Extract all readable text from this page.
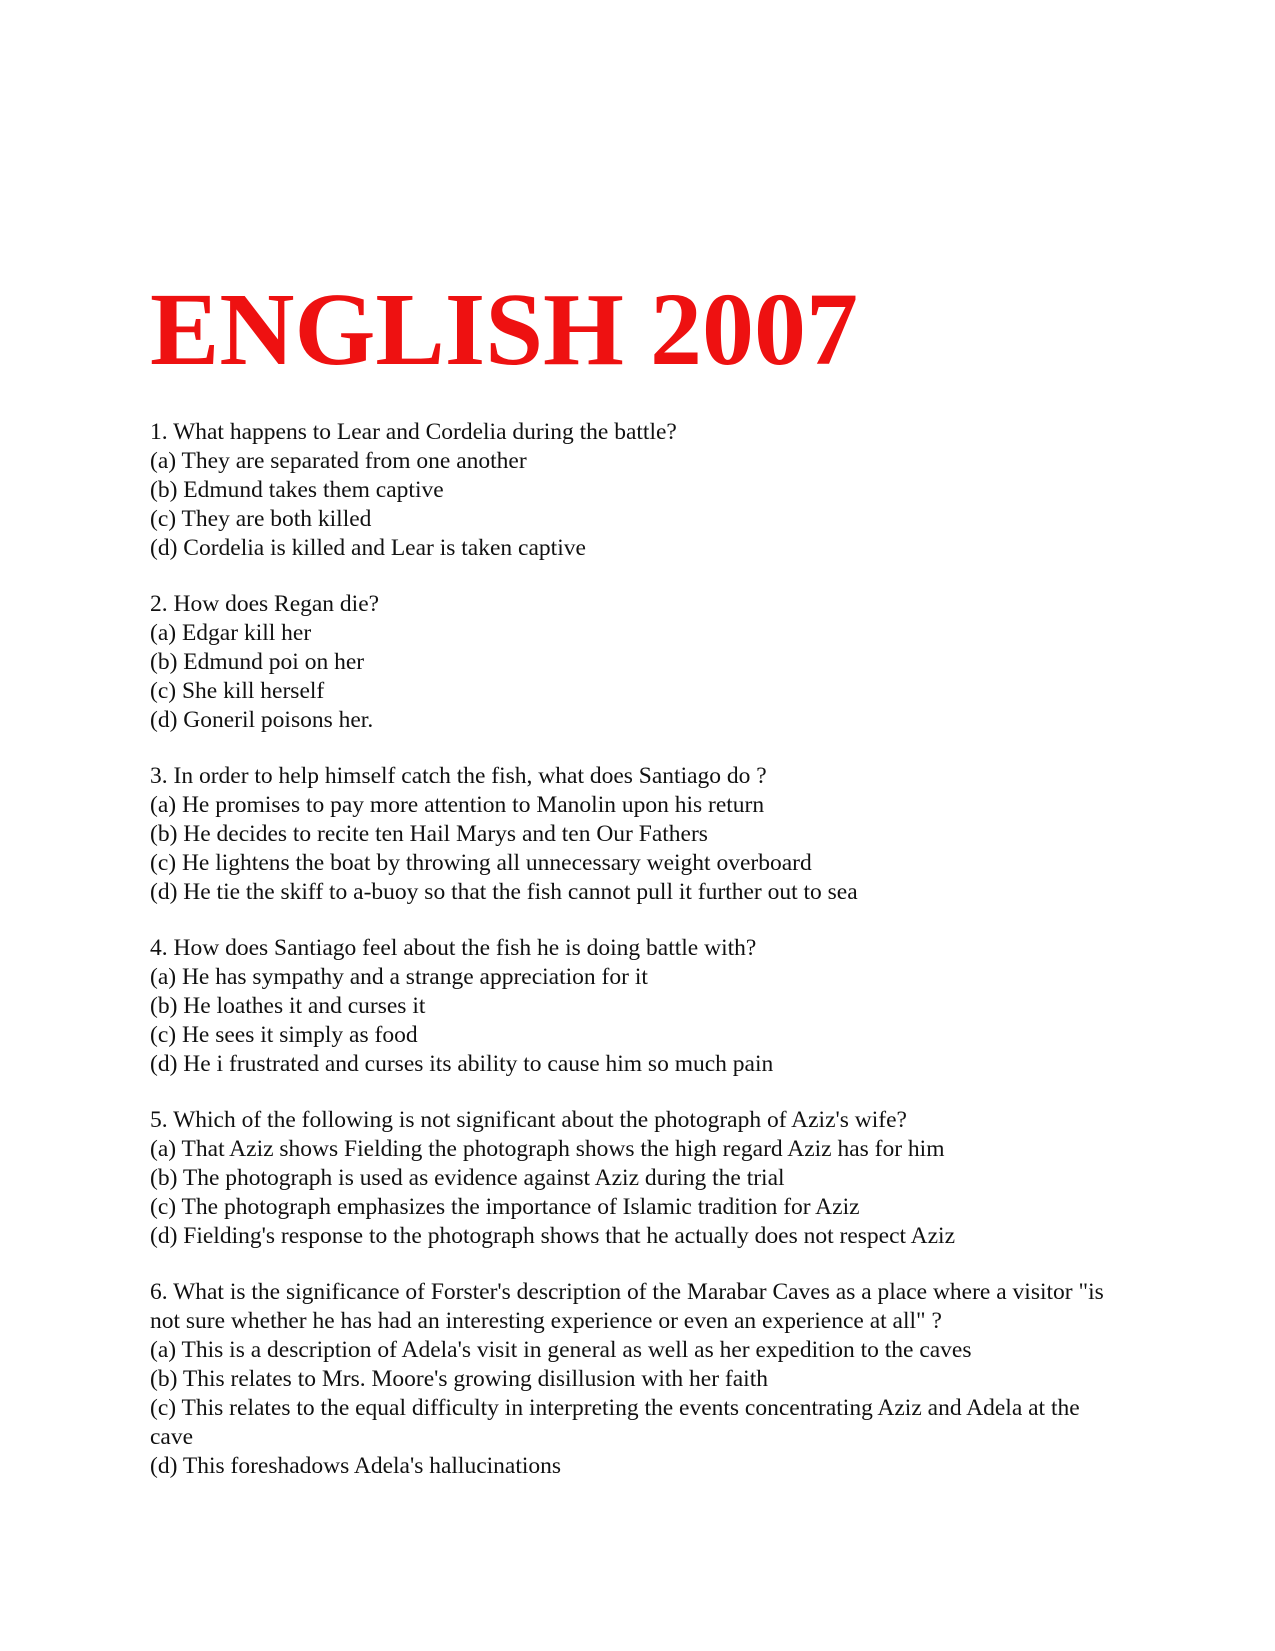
ENGLISH 2007

1. What happens to Lear and Cordelia during the battle?

(a) They are separated from one another

(b) Edmund takes them captive

(c) They are both killed

(d) Cordelia is killed and Lear is taken captive

2. How does Regan die?

(a) Edgar kill her

(b) Edmund poi on her

(c) She kill herself

(d) Goneril poisons her.

3. In order to help himself catch the fish, what does Santiago do ?

(a) He promises to pay more attention to Manolin upon his return

(b) He decides to recite ten Hail Marys and ten Our Fathers

(c) He lightens the boat by throwing all unnecessary weight overboard

(d) He tie the skiff to a-buoy so that the fish cannot pull it further out to sea

4. How does Santiago feel about the fish he is doing battle with?

(a) He has sympathy and a strange appreciation for it

(b) He loathes it and curses it

(c) He sees it simply as food

(d) He i frustrated and curses its ability to cause him so much pain

5. Which of the following is not significant about the photograph of Aziz's wife?

(a) That Aziz shows Fielding the photograph shows the high regard Aziz has for him

(b) The photograph is used as evidence against Aziz during the trial

(c) The photograph emphasizes the importance of Islamic tradition for Aziz

(d) Fielding's response to the photograph shows that he actually does not respect Aziz

6. What is the significance of Forster's description of the Marabar Caves as a place where a visitor "is not sure whether he has had an interesting experience or even an experience at all" ?

(a) This is a description of Adela's visit in general as well as her expedition to the caves

(b) This relates to Mrs. Moore's growing disillusion with her faith

(c) This relates to the equal difficulty in interpreting the events concentrating Aziz and Adela at the cave

(d) This foreshadows Adela's hallucinations
